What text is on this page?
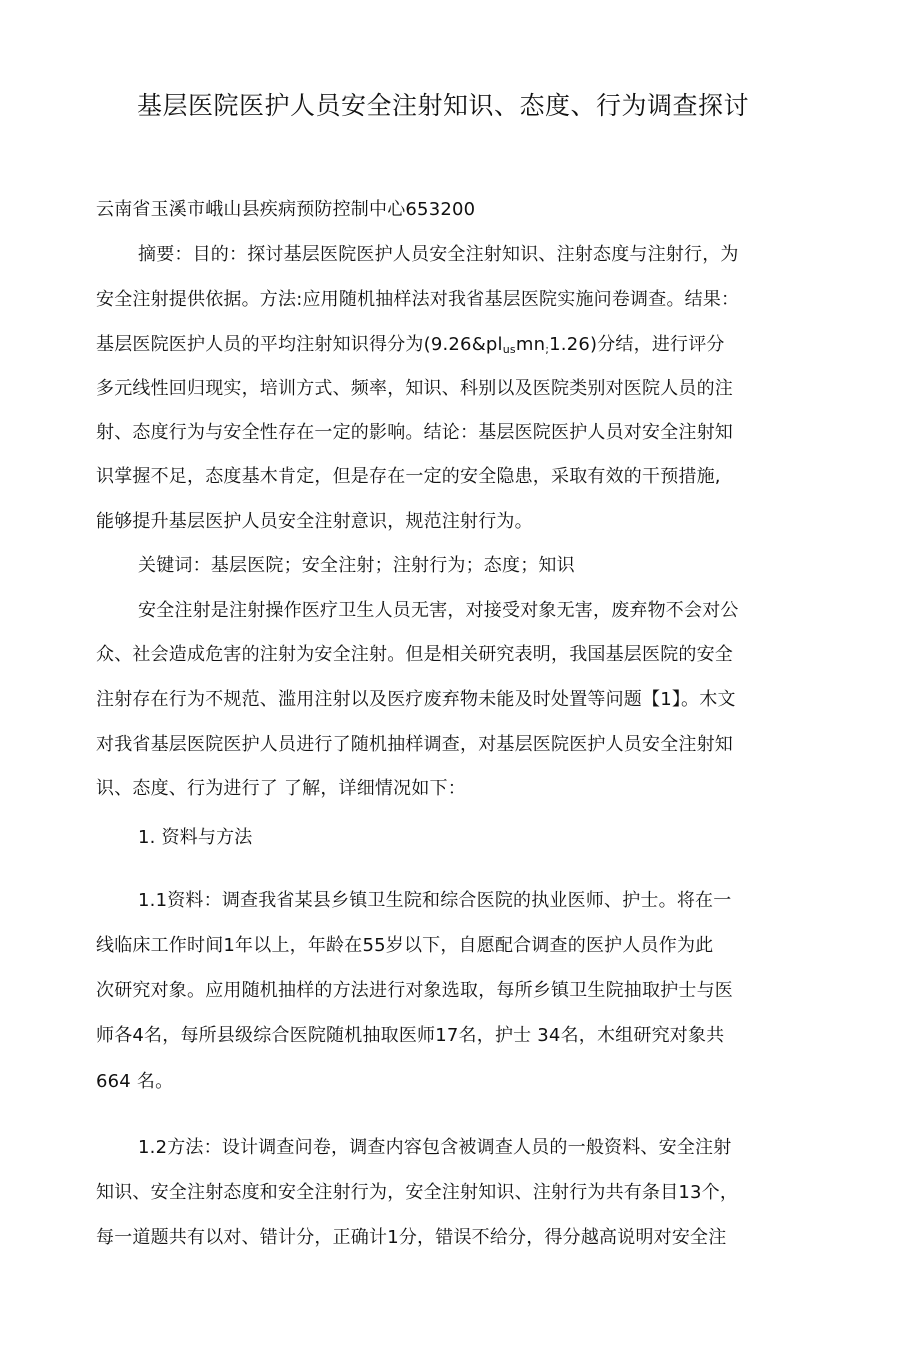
基层医院医护人员安全注射知识、态度、行为调查探讨
云南省玉溪市峨山县疾病预防控制中心653200
摘要：目的：探讨基层医院医护人员安全注射知识、注射态度与注射行，为
安全注射提供依据。方法:应用随机抽样法对我省基层医院实施问卷调查。结果：
基层医院医护人员的平均注射知识得分为$(9.26\&pl_{us}mn_;1.26)$分结，进行评分
多元线性回归现实，培训方式、频率，知识、科别以及医院类别对医院人员的注
射、态度行为与安全性存在一定的影响。结论：基层医院医护人员对安全注射知
识掌握不足，态度基木肯定，但是存在一定的安全隐患，采取有效的干预措施,
能够提升基层医护人员安全注射意识，规范注射行为。
关键词：基层医院；安全注射；注射行为；态度；知识
安全注射是注射操作医疗卫生人员无害，对接受对象无害，废弃物不会对公
众、社会造成危害的注射为安全注射。但是相关研究表明，我国基层医院的安全
注射存在行为不规范、滥用注射以及医疗废弃物未能及时处置等问题【1】。木文
对我省基层医院医护人员进行了随机抽样调查，对基层医院医护人员安全注射知
识、态度、行为进行了 了解，详细情况如下：
1. 资料与方法
1.1资料：调查我省某县乡镇卫生院和综合医院的执业医师、护士。将在一
线临床工作时间1年以上，年龄在55岁以下，自愿配合调查的医护人员作为此
次研究对象。应用随机抽样的方法进行对象选取，每所乡镇卫生院抽取护士与医
师各4名，每所县级综合医院随机抽取医师17名，护士 34名，木组研究对象共
664 名。
1.2方法：设计调查问卷，调查内容包含被调查人员的一般资料、安全注射
知识、安全注射态度和安全注射行为，安全注射知识、注射行为共有条目13个，
每一道题共有以对、错计分，正确计1分，错误不给分，得分越高说明对安全注
